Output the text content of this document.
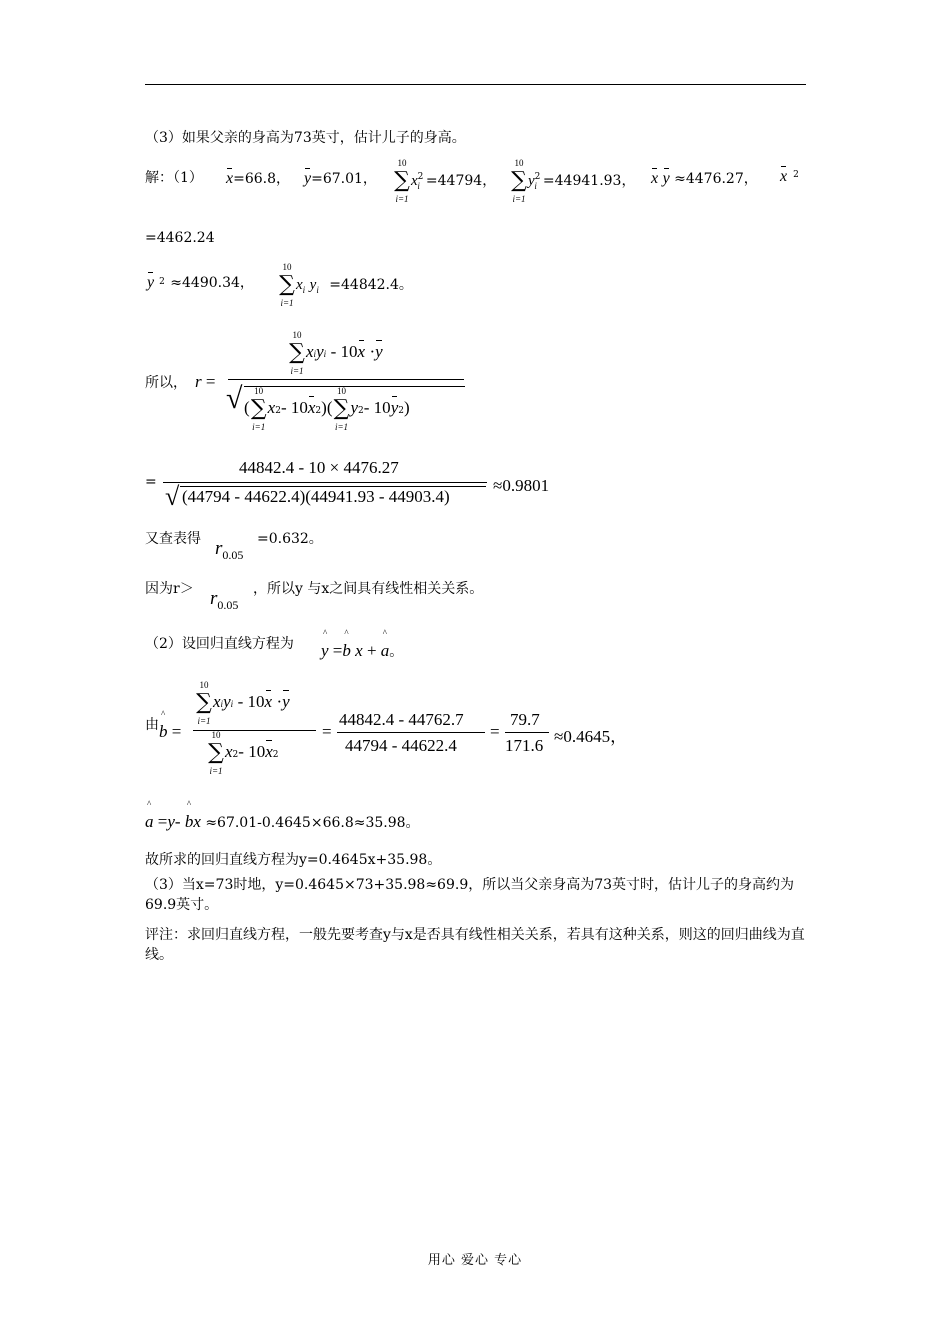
（3）如果父亲的身高为73英寸，估计儿子的身高。
解：（1） x=66.8， y=67.01，
10
∑
i=1
$x^2_i =44794$，
10
∑
i=1
$y^2_i =44941.93$， x y ≈4476.27， x $^2$
=4462.24
y $^2$ ≈4490.34，
10
∑
i=1
$x_i$ $y_i =44842.4$。
所以， r =
10
∑
i=1
xiyi - 10x ·y
√ (
10
∑
i=1
x2- 10x2)(
10
∑
i=1
y2- 10y2)
=
44842.4 - 10 × 4476.27
√ (44794 - 44622.4)(44941.93 - 44903.4)
≈0.9801
又查表得 r0.05
=0.632。
因为r＞ r0.05
，所以y 与x之间具有线性相关关系。
（2）设回归直线方程为
^ y =^ b x + ^ a。
由^ b =
10
∑
i=1
xiyi - 10x ·y
10
∑
i=1
x2- 10x2
=
44842.4 - 44762.7
44794 - 44622.4
=
79.7
171.6 ≈0.4645，
^ a =y- ^ bx ≈67.01-0.4645×66.8≈35.98。
故所求的回归直线方程为y=0.4645x+35.98。
（3）当x=73时地，y=0.4645×73+35.98≈69.9，所以当父亲身高为73英寸时，估计儿子的身高约为69.9英寸。
评注：求回归直线方程，一般先要考查y与x是否具有线性相关关系，若具有这种关系，则这的回归曲线为直线。
用心 爱心 专心
